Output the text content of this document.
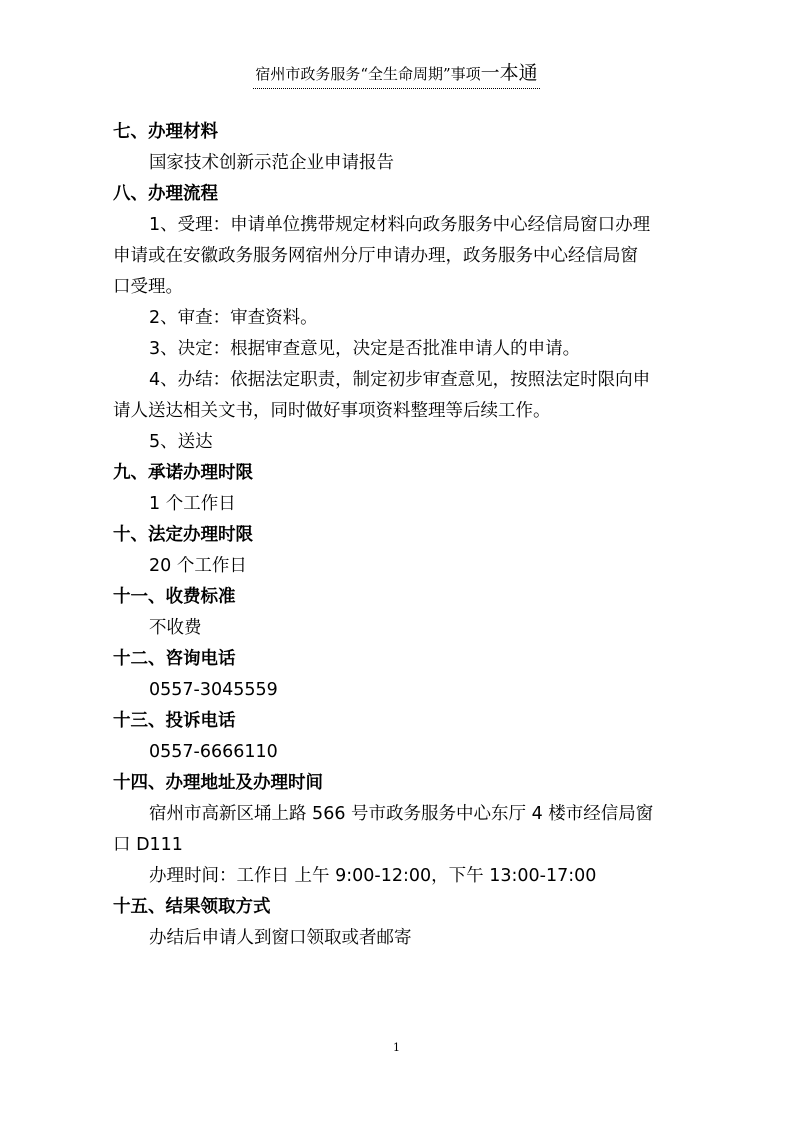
宿州市政务服务“全生命周期”事项一本通
七、办理材料
国家技术创新示范企业申请报告
八、办理流程
1、受理：申请单位携带规定材料向政务服务中心经信局窗口办理
申请或在安徽政务服务网宿州分厅申请办理，政务服务中心经信局窗
口受理。
2、审查：审查资料。
3、决定：根据审查意见，决定是否批准申请人的申请。
4、办结：依据法定职责，制定初步审查意见，按照法定时限向申
请人送达相关文书，同时做好事项资料整理等后续工作。
5、送达
九、承诺办理时限
1 个工作日
十、法定办理时限
20 个工作日
十一、收费标准
不收费
十二、咨询电话
0557-3045559
十三、投诉电话
0557-6666110
十四、办理地址及办理时间
宿州市高新区埇上路 566 号市政务服务中心东厅 4 楼市经信局窗
口 D111
办理时间：工作日 上午 9:00-12:00，下午 13:00-17:00
十五、结果领取方式
办结后申请人到窗口领取或者邮寄
1
